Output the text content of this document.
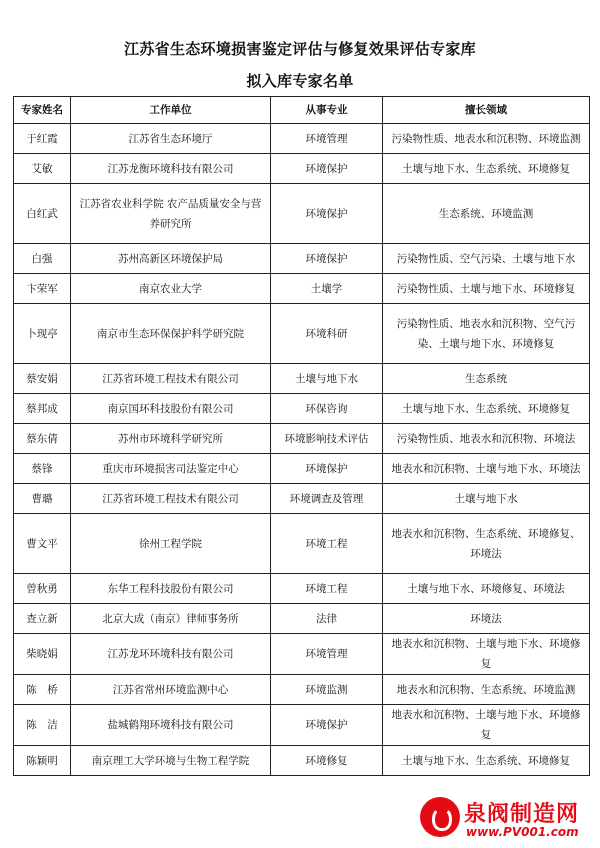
江苏省生态环境损害鉴定评估与修复效果评估专家库
拟入库专家名单
专家姓名	工作单位	从事专业	擅长领域
于红霞	江苏省生态环境厅	环境管理	污染物性质、地表水和沉积物、环境监测
艾敏	江苏龙衡环境科技有限公司	环境保护	土壤与地下水、生态系统、环境修复
白红武	江苏省农业科学院 农产品质量安全与营养研究所	环境保护	生态系统、环境监测
白强	苏州高新区环境保护局	环境保护	污染物性质、空气污染、土壤与地下水
卞荣军	南京农业大学	土壤学	污染物性质、土壤与地下水、环境修复
卜现亭	南京市生态环保保护科学研究院	环境科研	污染物性质、地表水和沉积物、空气污染、土壤与地下水、环境修复
蔡安娟	江苏省环境工程技术有限公司	土壤与地下水	生态系统
蔡邦成	南京国环科技股份有限公司	环保咨询	土壤与地下水、生态系统、环境修复
蔡东倩	苏州市环境科学研究所	环境影响技术评估	污染物性质、地表水和沉积物、环境法
蔡锋	重庆市环境损害司法鉴定中心	环境保护	地表水和沉积物、土壤与地下水、环境法
曹璐	江苏省环境工程技术有限公司	环境调查及管理	土壤与地下水
曹文平	徐州工程学院	环境工程	地表水和沉积物、生态系统、环境修复、环境法
曾秋勇	东华工程科技股份有限公司	环境工程	土壤与地下水、环境修复、环境法
查立新	北京大成（南京）律师事务所	法律	环境法
柴晓娟	江苏龙环环境科技有限公司	环境管理	地表水和沉积物、土壤与地下水、环境修复
陈　桥	江苏省常州环境监测中心	环境监测	地表水和沉积物、生态系统、环境监测
陈　洁	盐城鹤翔环境科技有限公司	环境保护	地表水和沉积物、土壤与地下水、环境修复
陈颖明	南京理工大学环境与生物工程学院	环境修复	土壤与地下水、生态系统、环境修复
泉阀制造网
www.PV001.com
